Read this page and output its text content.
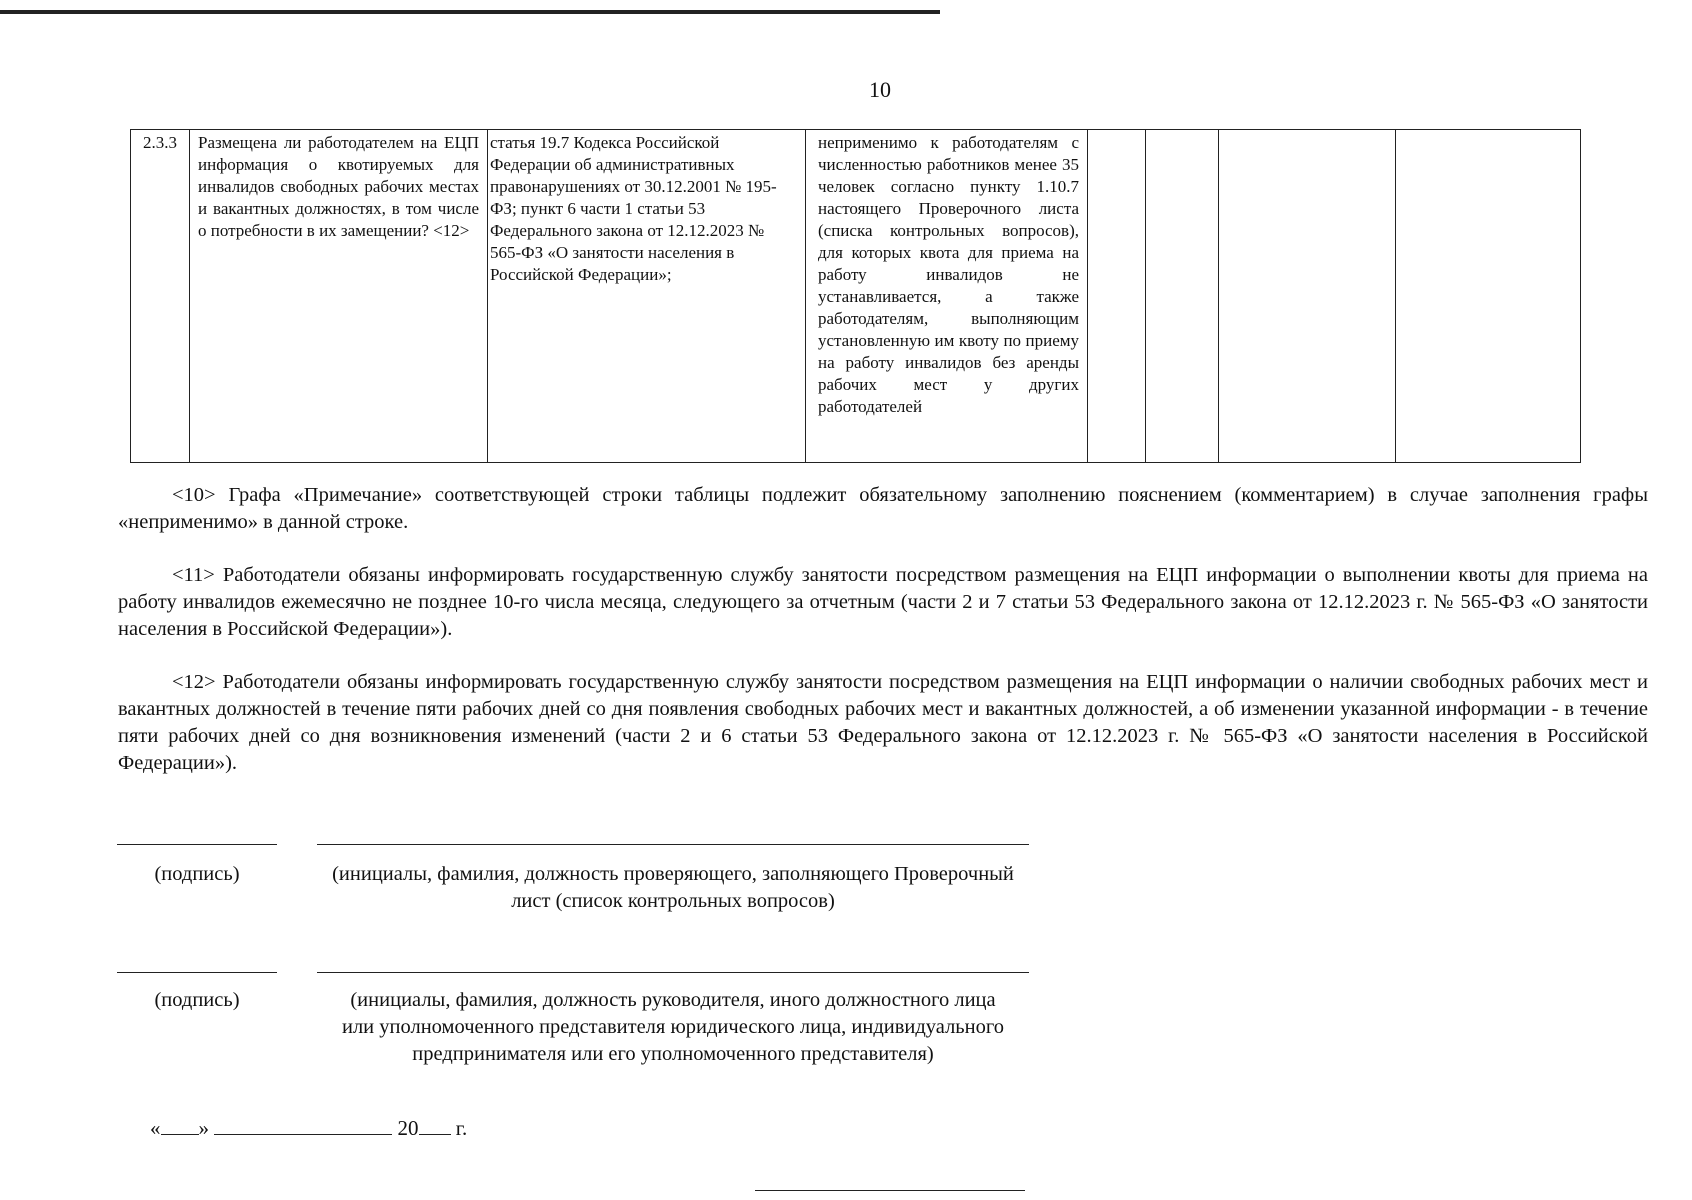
10
2.3.3	Размещена ли работодателем на ЕЦП информация о квотируемых для инвалидов свободных рабочих местах и вакантных должностях, в том числе о потребности в их замещении? <12>	статья 19.7 Кодекса Российской Федерации об административных правонарушениях от 30.12.2001 № 195-ФЗ; пункт 6 части 1 статьи 53 Федерального закона от 12.12.2023 № 565-ФЗ «О занятости населения в Российской Федерации»;	неприменимо к работодателям с численностью работников менее 35 человек согласно пункту 1.10.7 настоящего Проверочного листа (списка контрольных вопросов), для которых квота для приема на работу инвалидов не устанавливается, а также работодателям, выполняющим установленную им квоту по приему на работу инвалидов без аренды рабочих мест у других работодателей				
<10> Графа «Примечание» соответствующей строки таблицы подлежит обязательному заполнению пояснением (комментарием) в случае заполнения графы «неприменимо» в данной строке.
<11> Работодатели обязаны информировать государственную службу занятости посредством размещения на ЕЦП информации о выполнении квоты для приема на работу инвалидов ежемесячно не позднее 10-го числа месяца, следующего за отчетным (части 2 и 7 статьи 53 Федерального закона от 12.12.2023 г. № 565-ФЗ «О занятости населения в Российской Федерации»).
<12> Работодатели обязаны информировать государственную службу занятости посредством размещения на ЕЦП информации о наличии свободных рабочих мест и вакантных должностей в течение пяти рабочих дней со дня появления свободных рабочих мест и вакантных должностей, а об изменении указанной информации - в течение пяти рабочих дней со дня возникновения изменений (части 2 и 6 статьи 53 Федерального закона от 12.12.2023 г. № 565-ФЗ «О занятости населения в Российской Федерации»).
(подпись)	(инициалы, фамилия, должность проверяющего, заполняющего Проверочный лист (список контрольных вопросов)
(подпись)	(инициалы, фамилия, должность руководителя, иного должностного лица или уполномоченного представителя юридического лица, индивидуального предпринимателя или его уполномоченного представителя)
« »	20 г.
